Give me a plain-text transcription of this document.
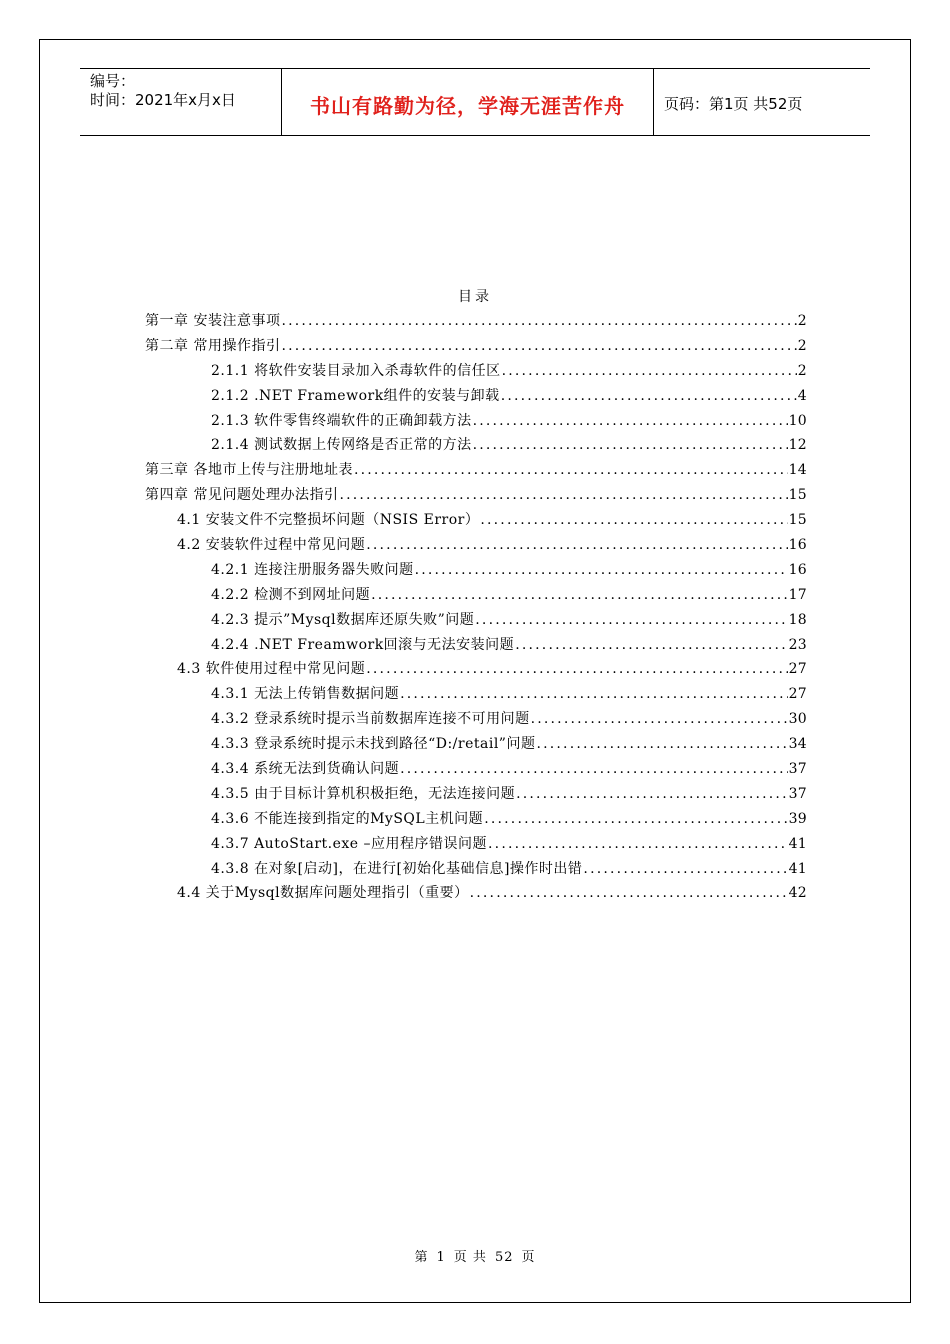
编号：
时间：2021年x月x日	书山有路勤为径，学海无涯苦作舟	页码：第1页 共52页
目录
第一章 安装注意事项 .....	2
第二章 常用操作指引 .....	2
2.1.1 将软件安装目录加入杀毒软件的信任区 .....	2
2.1.2 .NET Framework组件的安装与卸载 .....	4
2.1.3 软件零售终端软件的正确卸载方法 .....	10
2.1.4 测试数据上传网络是否正常的方法 .....	12
第三章 各地市上传与注册地址表 .....	14
第四章 常见问题处理办法指引 .....	15
4.1 安装文件不完整损坏问题（NSIS Error） .....	15
4.2 安装软件过程中常见问题 .....	16
4.2.1 连接注册服务器失败问题 .....	16
4.2.2 检测不到网址问题 .....	17
4.2.3 提示”Mysql数据库还原失败”问题 .....	18
4.2.4 .NET Freamwork回滚与无法安装问题 .....	23
4.3 软件使用过程中常见问题 .....	27
4.3.1 无法上传销售数据问题 .....	27
4.3.2 登录系统时提示当前数据库连接不可用问题 .....	30
4.3.3 登录系统时提示未找到路径“D:/retail”问题 .....	34
4.3.4 系统无法到货确认问题 .....	37
4.3.5 由于目标计算机积极拒绝，无法连接问题 .....	37
4.3.6 不能连接到指定的MySQL主机问题 .....	39
4.3.7 AutoStart.exe –应用程序错误问题 .....	41
4.3.8 在对象[启动]，在进行[初始化基础信息]操作时出错 .....	41
4.4 关于Mysql数据库问题处理指引（重要） .....	42
第 1 页 共 52 页
